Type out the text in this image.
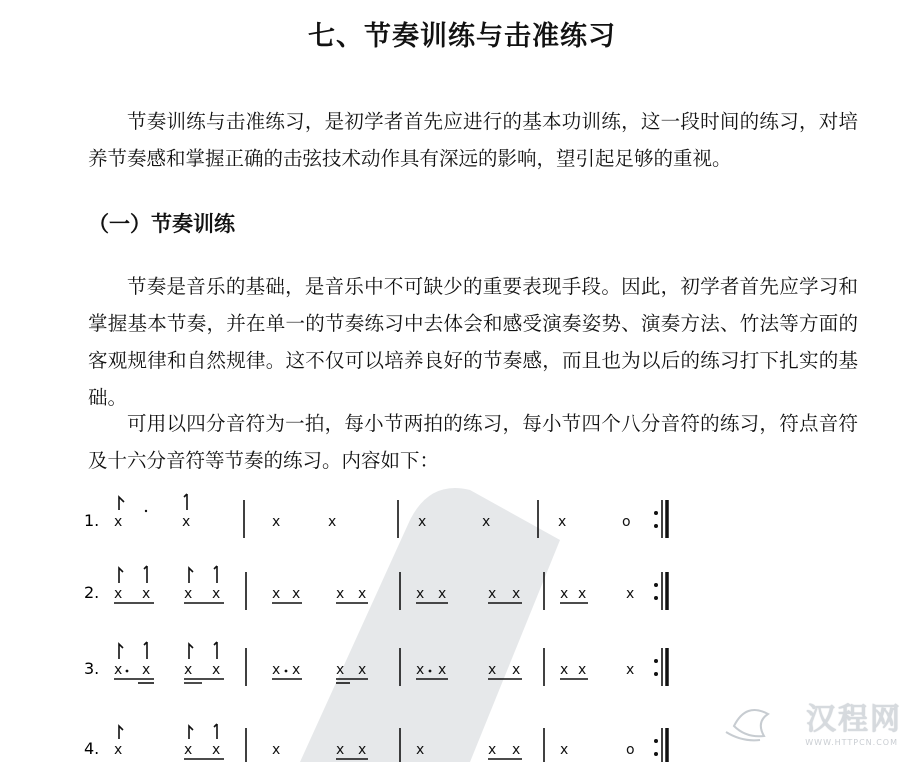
七、节奏训练与击准练习

节奏训练与击准练习，是初学者首先应进行的基本功训练，这一段时间的练习，对培养节奏感和掌握正确的击弦技术动作具有深远的影响，望引起足够的重视。

（一）节奏训练

节奏是音乐的基础，是音乐中不可缺少的重要表现手段。因此，初学者首先应学习和掌握基本节奏，并在单一的节奏练习中去体会和感受演奏姿势、演奏方法、竹法等方面的客观规律和自然规律。这不仅可以培养良好的节奏感，而且也为以后的练习打下扎实的基础。

可用以四分音符为一拍，每小节两拍的练习，每小节四个八分音符的练习，符点音符及十六分音符等节奏的练习。内容如下：

1.
2.
3.
4.
x	x	x	x	x	x	x	o
x x x x	x x	x x	x x	x x	x x	x
x x x x	x x	x x	x x	x x	x x	x
x	x x	x	x x	x	x x	x	o
汉程网
WWW.HTTPCN.COM
